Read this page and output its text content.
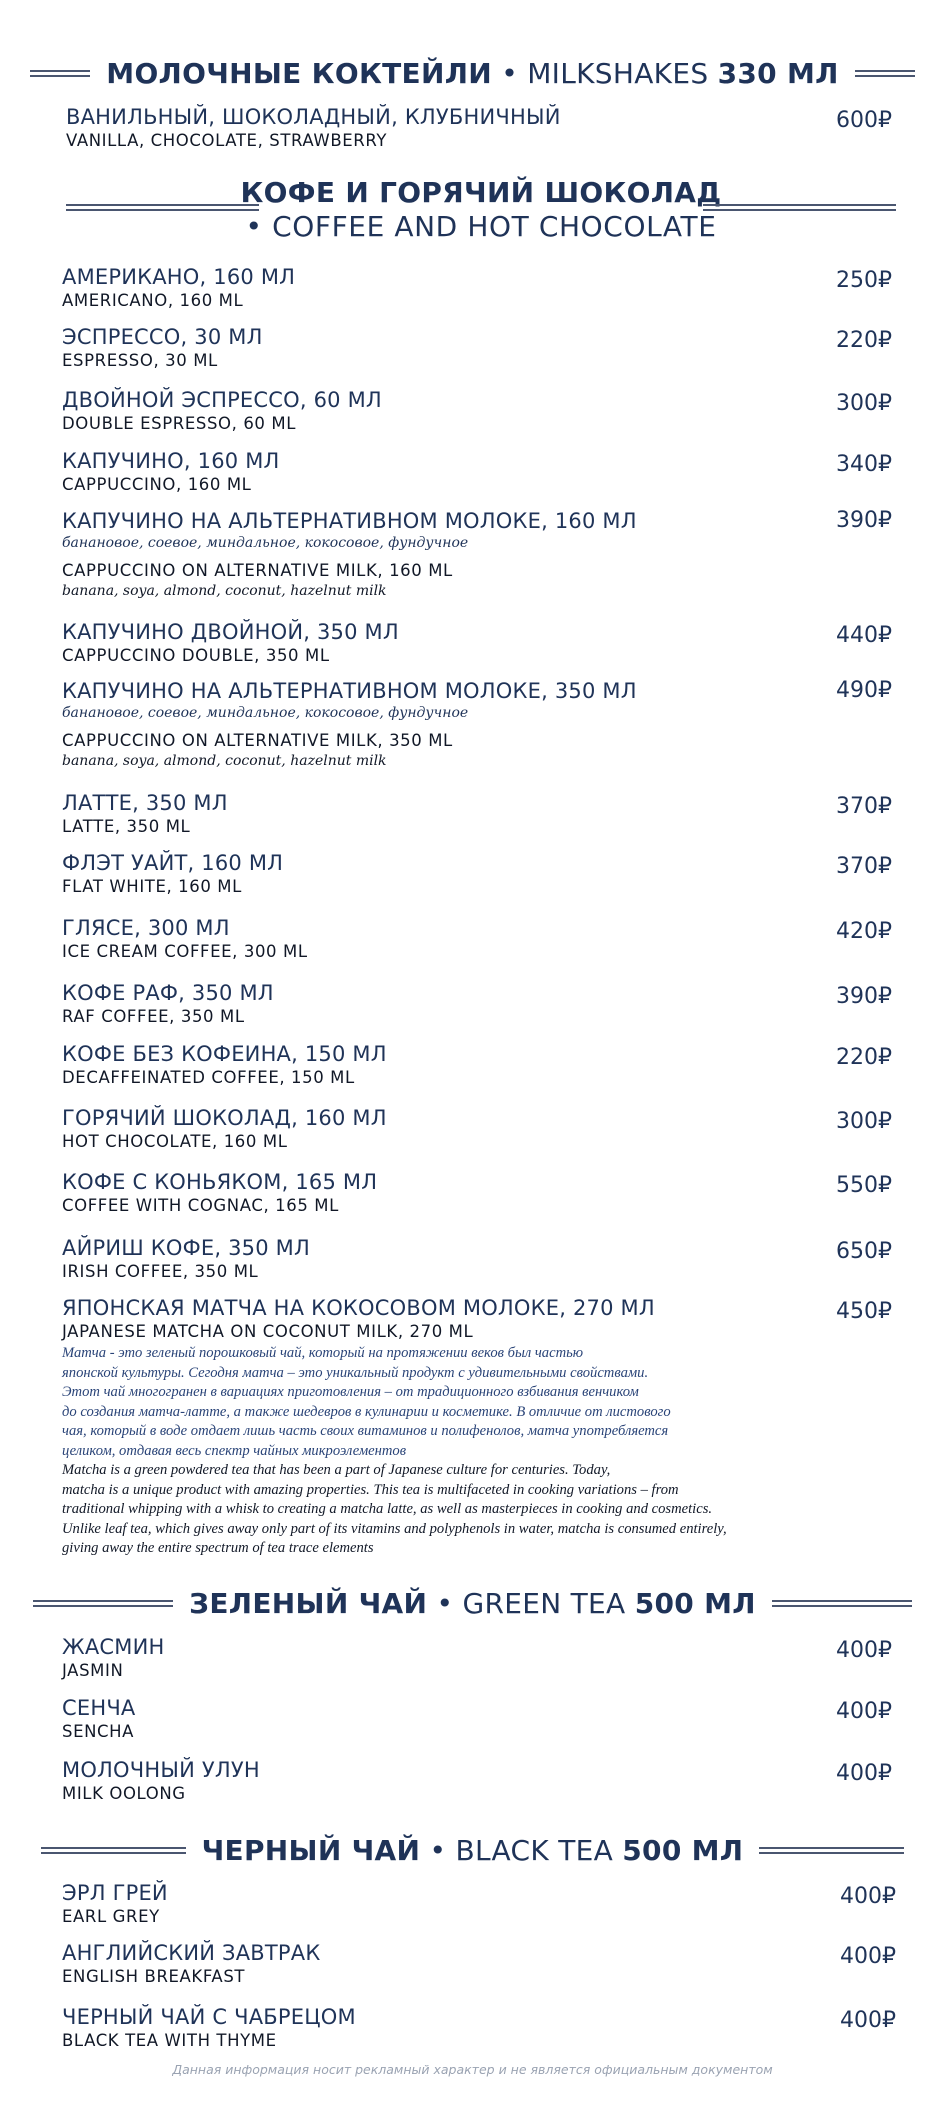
МОЛОЧНЫЕ КОКТЕЙЛИ • MILKSHAKES 330 МЛ
ВАНИЛЬНЫЙ, ШОКОЛАДНЫЙ, КЛУБНИЧНЫЙ
VANILLA, CHOCOLATE, STRAWBERRY
600₽
КОФЕ И ГОРЯЧИЙ ШОКОЛАД
• COFFEE AND HOT CHOCOLATE
АМЕРИКАНО, 160 МЛ
AMERICANO, 160 ML
250₽
ЭСПРЕССО, 30 МЛ
ESPRESSO, 30 ML
220₽
ДВОЙНОЙ ЭСПРЕССО, 60 МЛ
DOUBLE ESPRESSO, 60 ML
300₽
КАПУЧИНО, 160 МЛ
CAPPUCCINO, 160 ML
340₽
КАПУЧИНО НА АЛЬТЕРНАТИВНОМ МОЛОКЕ, 160 МЛ
банановое, соевое, миндальное, кокосовое, фундучное
CAPPUCCINO ON ALTERNATIVE MILK, 160 ML
banana, soya, almond, coconut, hazelnut milk
390₽
КАПУЧИНО ДВОЙНОЙ, 350 МЛ
CAPPUCCINO DOUBLE, 350 ML
440₽
КАПУЧИНО НА АЛЬТЕРНАТИВНОМ МОЛОКЕ, 350 МЛ
банановое, соевое, миндальное, кокосовое, фундучное
CAPPUCCINO ON ALTERNATIVE MILK, 350 ML
banana, soya, almond, coconut, hazelnut milk
490₽
ЛАТТЕ, 350 МЛ
LATTE, 350 ML
370₽
ФЛЭТ УАЙТ, 160 МЛ
FLAT WHITE, 160 ML
370₽
ГЛЯСЕ, 300 МЛ
ICE CREAM COFFEE, 300 ML
420₽
КОФЕ РАФ, 350 МЛ
RAF COFFEE, 350 ML
390₽
КОФЕ БЕЗ КОФЕИНА, 150 МЛ
DECAFFEINATED COFFEE, 150 ML
220₽
ГОРЯЧИЙ ШОКОЛАД, 160 МЛ
HOT CHOCOLATE, 160 ML
300₽
КОФЕ С КОНЬЯКОМ, 165 МЛ
COFFEE WITH COGNAC, 165 ML
550₽
АЙРИШ КОФЕ, 350 МЛ
IRISH COFFEE, 350 ML
650₽
ЯПОНСКАЯ МАТЧА НА КОКОСОВОМ МОЛОКЕ, 270 МЛ
JAPANESE MATCHA ON COCONUT MILK, 270 ML
450₽
Матча - это зеленый порошковый чай, который на протяжении веков был частью
японской культуры. Сегодня матча – это уникальный продукт с удивительными свойствами.
Этот чай многогранен в вариациях приготовления – от традиционного взбивания венчиком
до создания матча-латте, а также шедевров в кулинарии и косметике. В отличие от листового
чая, который в воде отдает лишь часть своих витаминов и полифенолов, матча употребляется
целиком, отдавая весь спектр чайных микроэлементов
Matcha is a green powdered tea that has been a part of Japanese culture for centuries. Today,
matcha is a unique product with amazing properties. This tea is multifaceted in cooking variations – from
traditional whipping with a whisk to creating a matcha latte, as well as masterpieces in cooking and cosmetics.
Unlike leaf tea, which gives away only part of its vitamins and polyphenols in water, matcha is consumed entirely,
giving away the entire spectrum of tea trace elements
ЗЕЛЕНЫЙ ЧАЙ • GREEN TEA 500 МЛ
ЖАСМИН
JASMIN
400₽
СЕНЧА
SENCHA
400₽
МОЛОЧНЫЙ УЛУН
MILK OOLONG
400₽
ЧЕРНЫЙ ЧАЙ • BLACK TEA 500 МЛ
ЭРЛ ГРЕЙ
EARL GREY
400₽
АНГЛИЙСКИЙ ЗАВТРАК
ENGLISH BREAKFAST
400₽
ЧЕРНЫЙ ЧАЙ С ЧАБРЕЦОМ
BLACK TEA WITH THYME
400₽
Данная информация носит рекламный характер и не является официальным документом
